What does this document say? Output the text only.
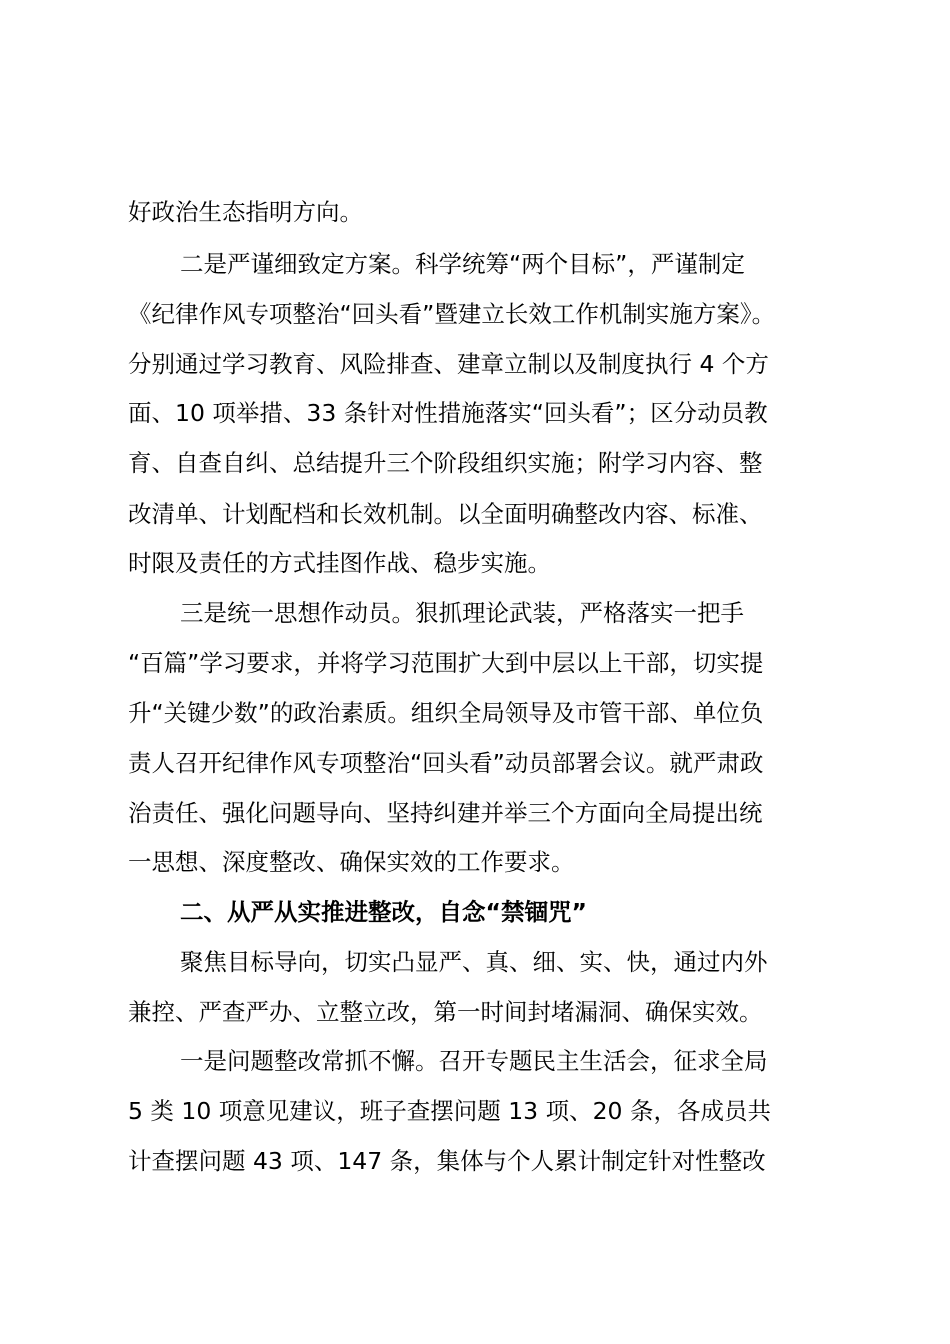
好政治生态指明方向。
二是严谨细致定方案。科学统筹“两个目标”，严谨制定
《纪律作风专项整治“回头看”暨建立长效工作机制实施方案》。
分别通过学习教育、风险排查、建章立制以及制度执行 4 个方
面、10 项举措、33 条针对性措施落实“回头看”；区分动员教
育、自查自纠、总结提升三个阶段组织实施；附学习内容、整
改清单、计划配档和长效机制。以全面明确整改内容、标准、
时限及责任的方式挂图作战、稳步实施。
三是统一思想作动员。狠抓理论武装，严格落实一把手
“百篇”学习要求，并将学习范围扩大到中层以上干部，切实提
升“关键少数”的政治素质。组织全局领导及市管干部、单位负
责人召开纪律作风专项整治“回头看”动员部署会议。就严肃政
治责任、强化问题导向、坚持纠建并举三个方面向全局提出统
一思想、深度整改、确保实效的工作要求。
二、从严从实推进整改，自念“禁锢咒”
聚焦目标导向，切实凸显严、真、细、实、快，通过内外
兼控、严查严办、立整立改，第一时间封堵漏洞、确保实效。
一是问题整改常抓不懈。召开专题民主生活会，征求全局
5 类 10 项意见建议，班子查摆问题 13 项、20 条，各成员共
计查摆问题 43 项、147 条，集体与个人累计制定针对性整改
